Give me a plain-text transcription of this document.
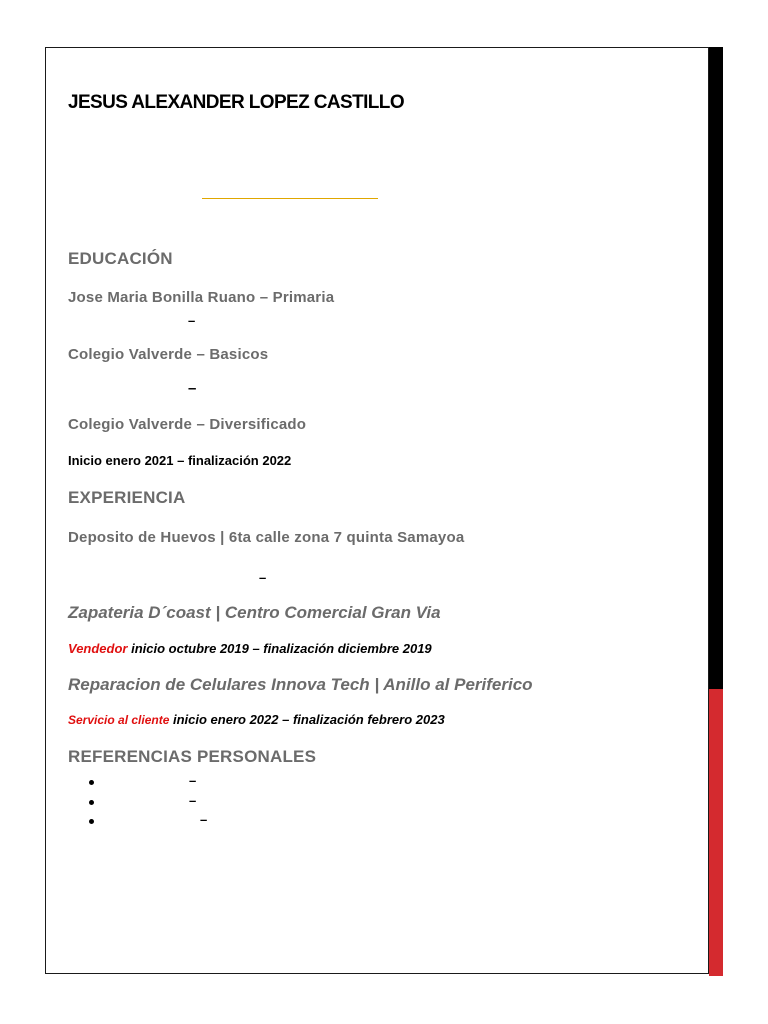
JESUS ALEXANDER LOPEZ CASTILLO
EDUCACIÓN
Jose Maria Bonilla Ruano – Primaria
–
Colegio Valverde – Basicos
–
Colegio Valverde – Diversificado
Inicio enero 2021 – finalización 2022
EXPERIENCIA
Deposito de Huevos | 6ta calle zona 7 quinta Samayoa
–
Zapateria D´coast | Centro Comercial Gran Via
Vendedor inicio octubre 2019 – finalización diciembre 2019
Reparacion de Celulares Innova Tech | Anillo al Periferico
Servicio al cliente inicio enero 2022 – finalización febrero 2023
REFERENCIAS PERSONALES
–
–
–
